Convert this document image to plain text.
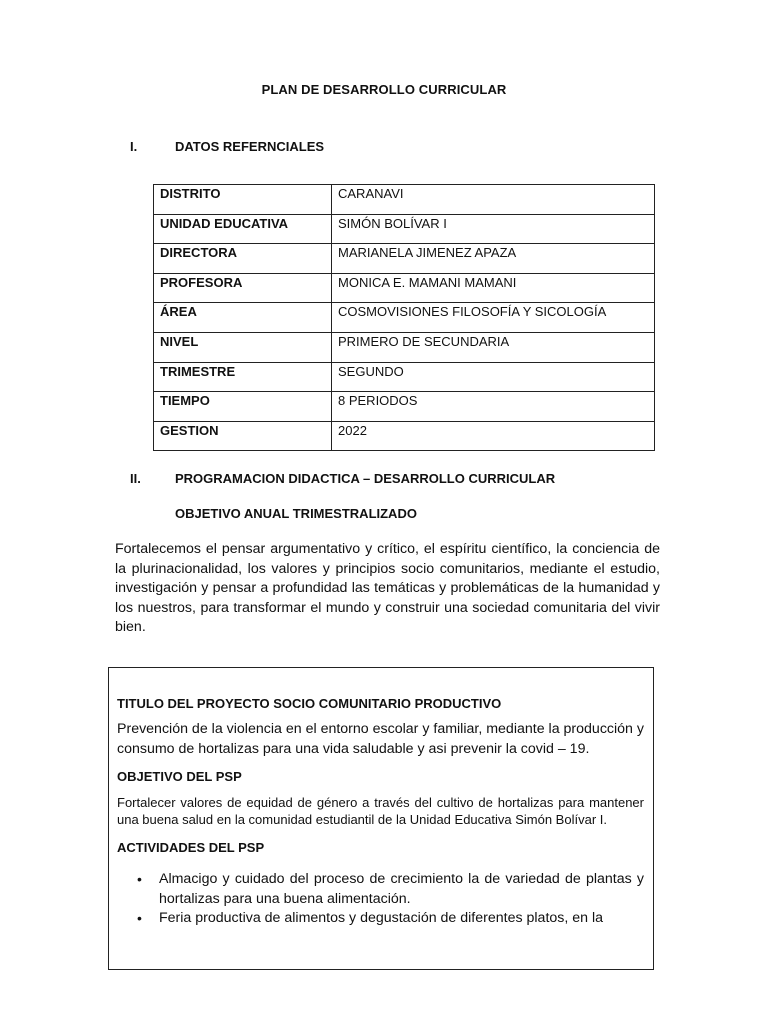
PLAN DE DESARROLLO CURRICULAR
I.	DATOS REFERNCIALES
DISTRITO	CARANAVI
UNIDAD EDUCATIVA	SIMÓN BOLÍVAR I
DIRECTORA	MARIANELA JIMENEZ APAZA
PROFESORA	MONICA E. MAMANI MAMANI
ÁREA	COSMOVISIONES FILOSOFÍA Y SICOLOGÍA
NIVEL	PRIMERO DE SECUNDARIA
TRIMESTRE	SEGUNDO
TIEMPO	8 PERIODOS
GESTION	2022
II.	PROGRAMACION DIDACTICA – DESARROLLO CURRICULAR
OBJETIVO ANUAL TRIMESTRALIZADO
Fortalecemos el pensar argumentativo y crítico, el espíritu científico, la conciencia de la plurinacionalidad, los valores y principios socio comunitarios, mediante el estudio, investigación y pensar a profundidad las temáticas y problemáticas de la humanidad y los nuestros, para transformar el mundo y construir una sociedad comunitaria del vivir bien.

TITULO DEL PROYECTO SOCIO COMUNITARIO PRODUCTIVO

Prevención de la violencia en el entorno escolar y familiar, mediante la producción y consumo de hortalizas para una vida saludable y asi prevenir la covid – 19.

OBJETIVO DEL PSP

Fortalecer valores de equidad de género a través del cultivo de hortalizas para mantener una buena salud en la comunidad estudiantil de la Unidad Educativa Simón Bolívar I.

ACTIVIDADES DEL PSP

• Almacigo y cuidado del proceso de crecimiento la de variedad de plantas y hortalizas para una buena alimentación.
• Feria productiva de alimentos y degustación de diferentes platos, en la
